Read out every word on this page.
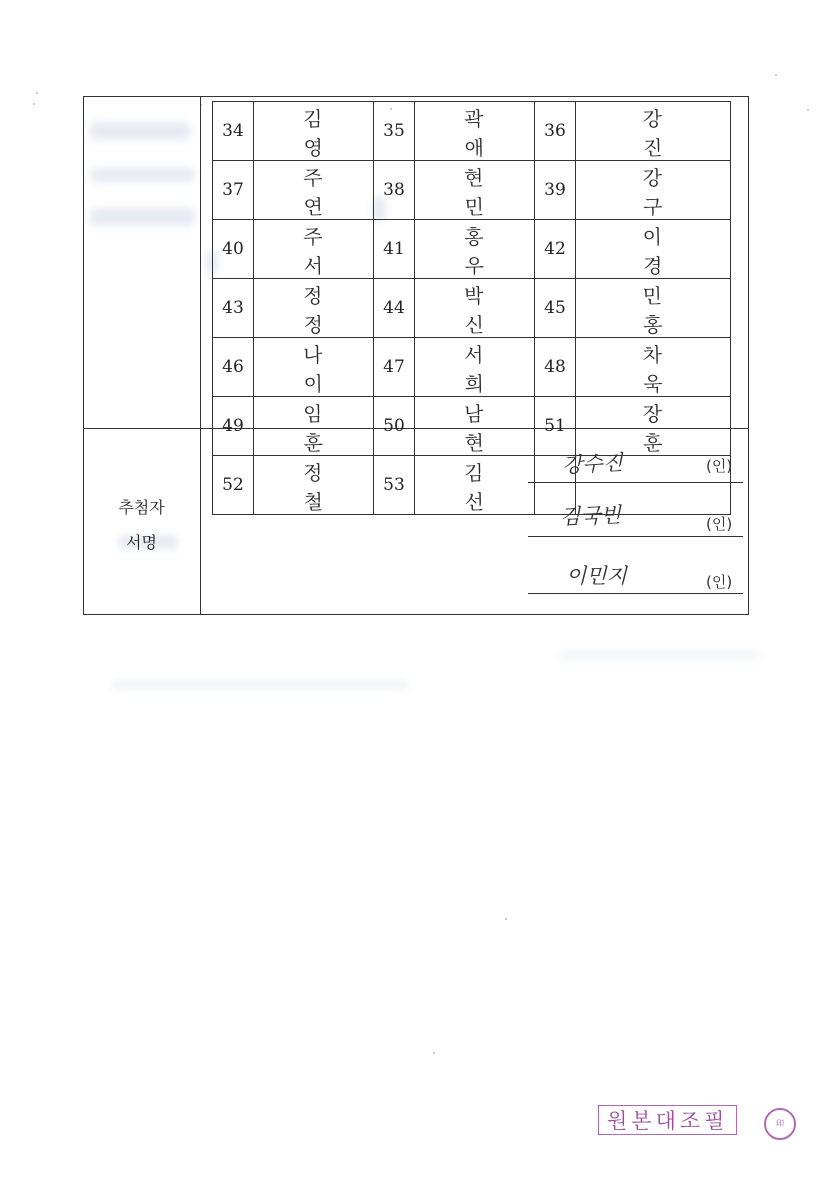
34	김 영	35	곽 애	36	강 진
37	주 연	38	현 민	39	강 구
40	주 서	41	홍 우	42	이 경
43	정 정	44	박 신	45	민 홍
46	나 이	47	서 희	48	차 욱
49	임 훈	50	남 현	51	장 훈
52	정 철	53	김 선		
추첨자
서명
강수진	(인)
김국빈	(인)
이민지	(인)
원본대조필	印
